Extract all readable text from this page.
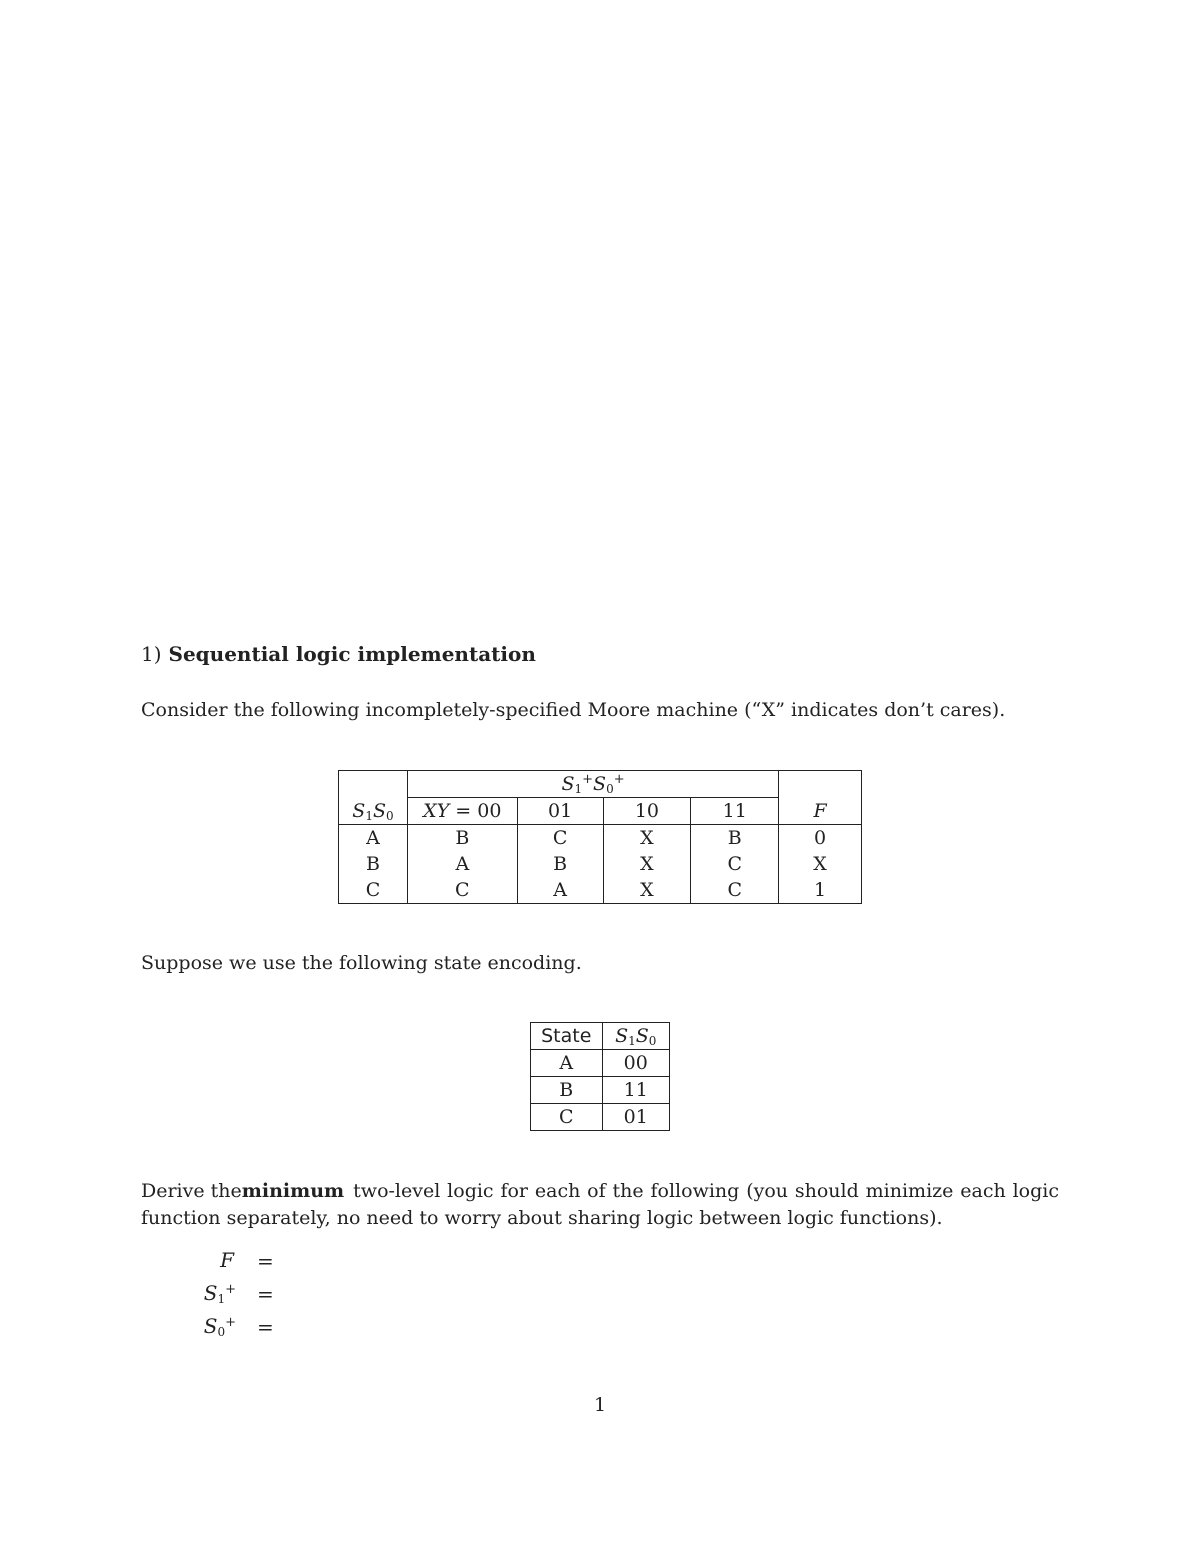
1) Sequential logic implementation
Consider the following incompletely-specified Moore machine (“X” indicates don’t cares).
	$S_1^+S_0^+$	
$S_1S_0$	XY = 00	01	10	11	F
A	B	C	X	B	0
B	A	B	X	C	X
C	C	A	X	C	1
Suppose we use the following state encoding.
State	$S_1S_0$
A	00
B	11
C	01
Derive the minimum two-level logic for each of the following (you should minimize each logic
function separately, no need to worry about sharing logic between logic functions).
F =
$S_1^+$ =
$S_0^+$ =
1
